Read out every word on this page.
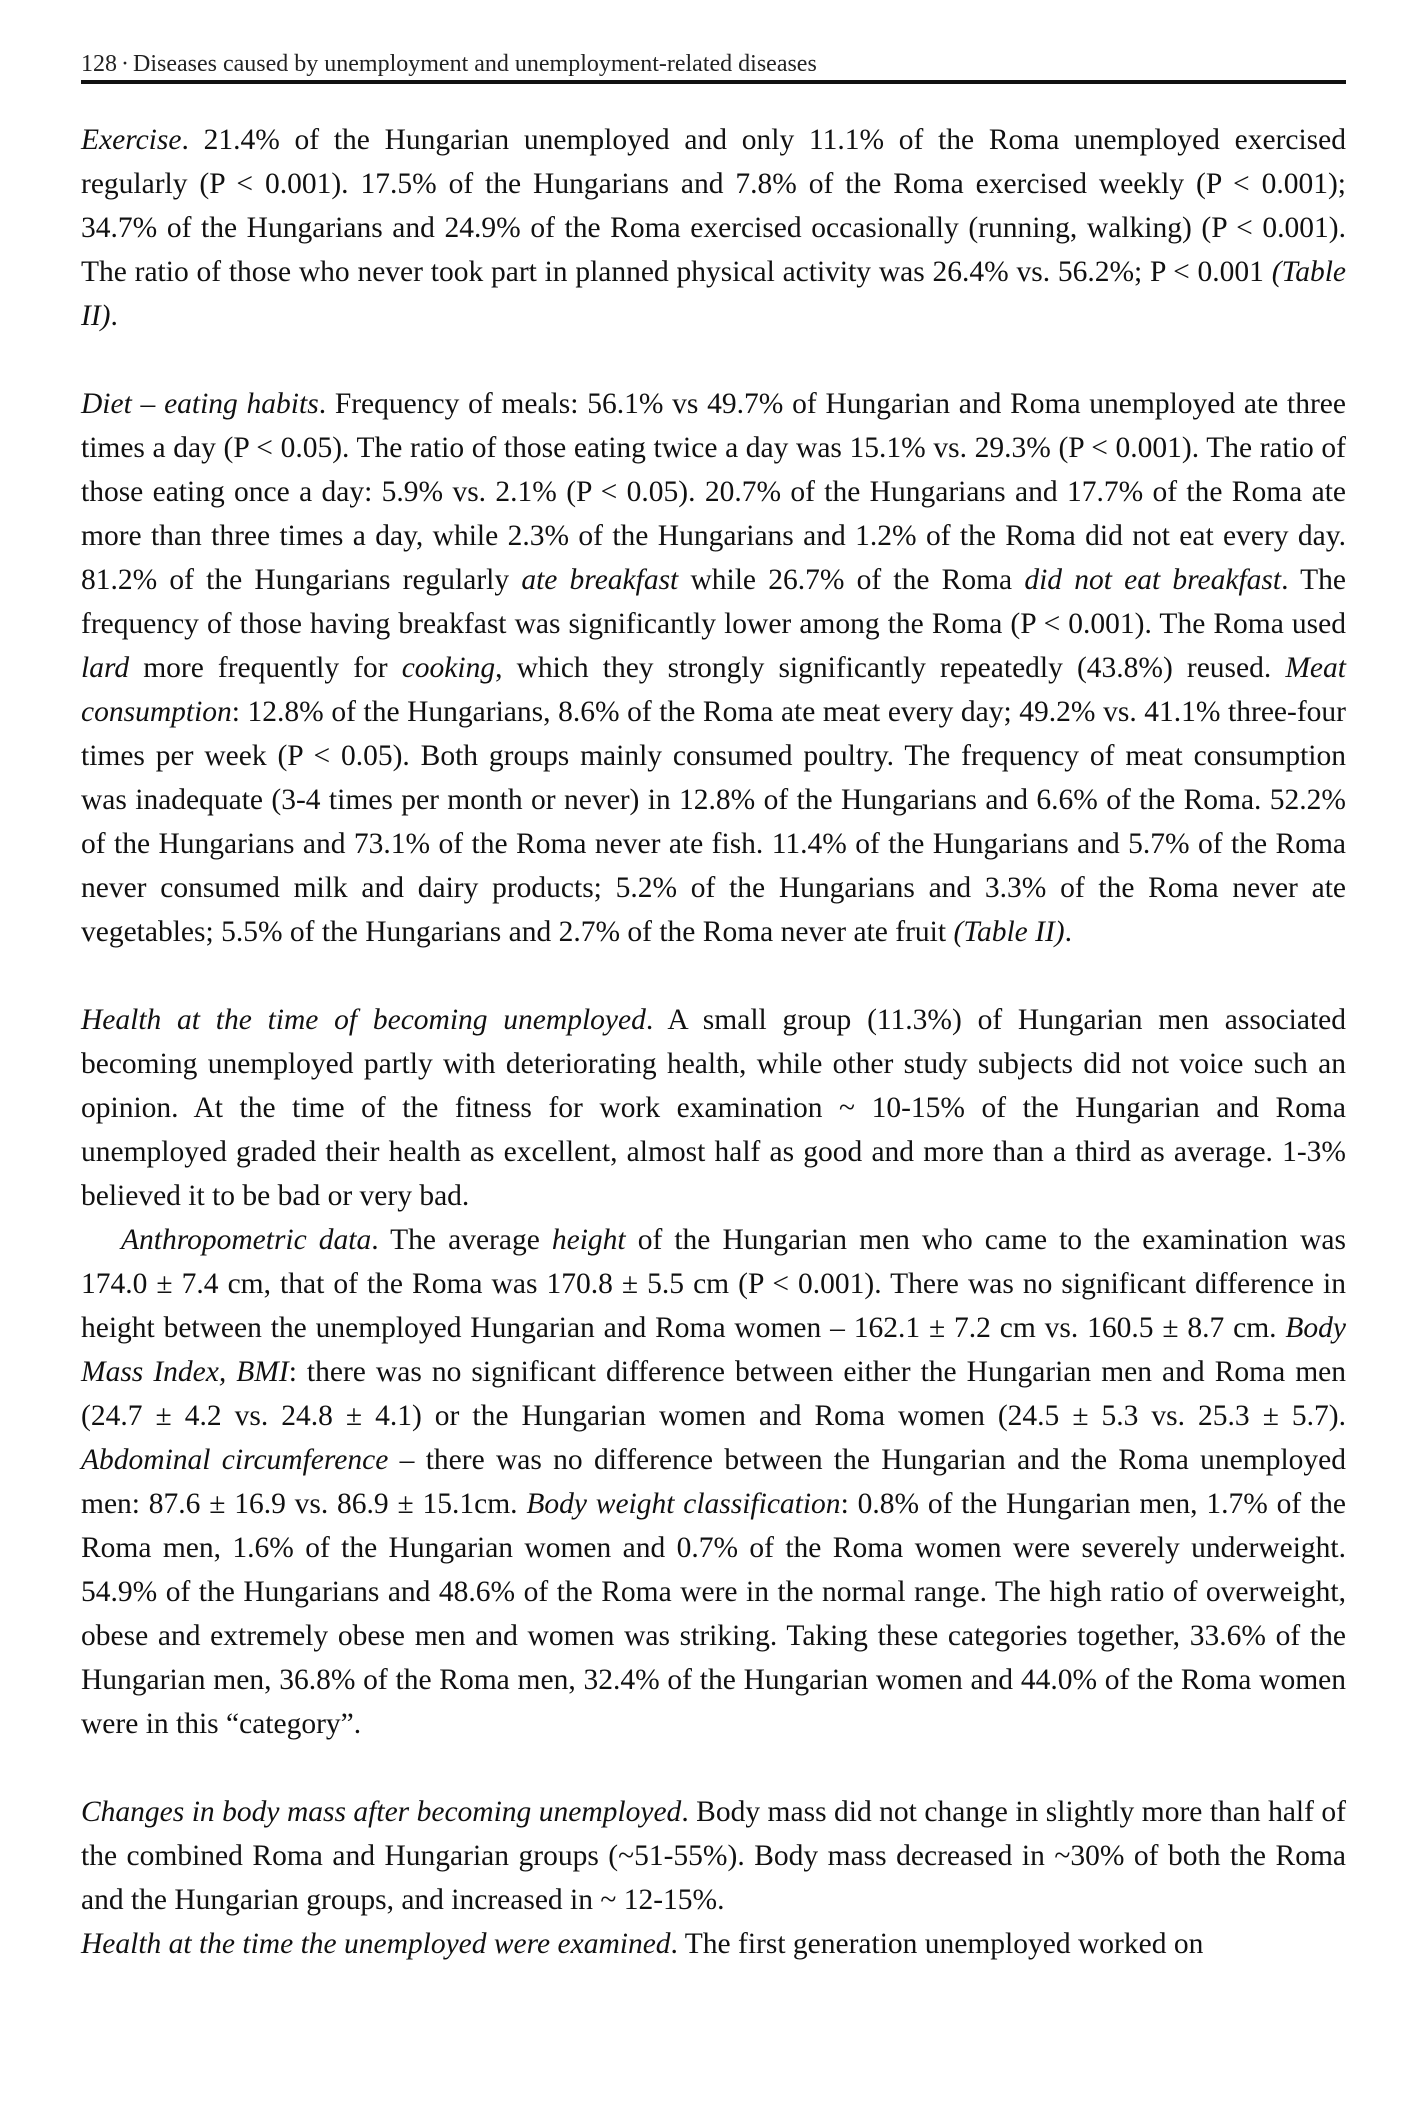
128 · Diseases caused by unemployment and unemployment-related diseases

Exercise. 21.4% of the Hungarian unemployed and only 11.1% of the Roma unemployed exercised regularly (P < 0.001). 17.5% of the Hungarians and 7.8% of the Roma exercised weekly (P < 0.001); 34.7% of the Hungarians and 24.9% of the Roma exercised occasionally (running, walking) (P < 0.001). The ratio of those who never took part in planned physical activity was 26.4% vs. 56.2%; P < 0.001 (Table II).

Diet – eating habits. Frequency of meals: 56.1% vs 49.7% of Hungarian and Roma unemployed ate three times a day (P < 0.05). The ratio of those eating twice a day was 15.1% vs. 29.3% (P < 0.001). The ratio of those eating once a day: 5.9% vs. 2.1% (P < 0.05). 20.7% of the Hungarians and 17.7% of the Roma ate more than three times a day, while 2.3% of the Hungarians and 1.2% of the Roma did not eat every day. 81.2% of the Hungarians regularly ate breakfast while 26.7% of the Roma did not eat breakfast. The frequency of those having breakfast was significantly lower among the Roma (P < 0.001). The Roma used lard more frequently for cooking, which they strongly significantly repeatedly (43.8%) reused. Meat consumption: 12.8% of the Hungarians, 8.6% of the Roma ate meat every day; 49.2% vs. 41.1% three-four times per week (P < 0.05). Both groups mainly consumed poultry. The frequency of meat consumption was inadequate (3-4 times per month or never) in 12.8% of the Hungarians and 6.6% of the Roma. 52.2% of the Hungarians and 73.1% of the Roma never ate fish. 11.4% of the Hungarians and 5.7% of the Roma never consumed milk and dairy products; 5.2% of the Hungarians and 3.3% of the Roma never ate vegetables; 5.5% of the Hungarians and 2.7% of the Roma never ate fruit (Table II).

Health at the time of becoming unemployed. A small group (11.3%) of Hungarian men associated becoming unemployed partly with deteriorating health, while other study subjects did not voice such an opinion. At the time of the fitness for work examination ~ 10-15% of the Hungarian and Roma unemployed graded their health as excellent, almost half as good and more than a third as average. 1-3% believed it to be bad or very bad.

Anthropometric data. The average height of the Hungarian men who came to the examination was 174.0 ± 7.4 cm, that of the Roma was 170.8 ± 5.5 cm (P < 0.001). There was no significant difference in height between the unemployed Hungarian and Roma women – 162.1 ± 7.2 cm vs. 160.5 ± 8.7 cm. Body Mass Index, BMI: there was no significant difference between either the Hungarian men and Roma men (24.7 ± 4.2 vs. 24.8 ± 4.1) or the Hungarian women and Roma women (24.5 ± 5.3 vs. 25.3 ± 5.7). Abdominal circumference – there was no difference between the Hungarian and the Roma unemployed men: 87.6 ± 16.9 vs. 86.9 ± 15.1cm. Body weight classification: 0.8% of the Hungarian men, 1.7% of the Roma men, 1.6% of the Hungarian women and 0.7% of the Roma women were severely underweight. 54.9% of the Hungarians and 48.6% of the Roma were in the normal range. The high ratio of overweight, obese and extremely obese men and women was striking. Taking these categories together, 33.6% of the Hungarian men, 36.8% of the Roma men, 32.4% of the Hungarian women and 44.0% of the Roma women were in this “category”.

Changes in body mass after becoming unemployed. Body mass did not change in slightly more than half of the combined Roma and Hungarian groups (~51-55%). Body mass decreased in ~30% of both the Roma and the Hungarian groups, and increased in ~ 12-15%.

Health at the time the unemployed were examined. The first generation unemployed worked on
